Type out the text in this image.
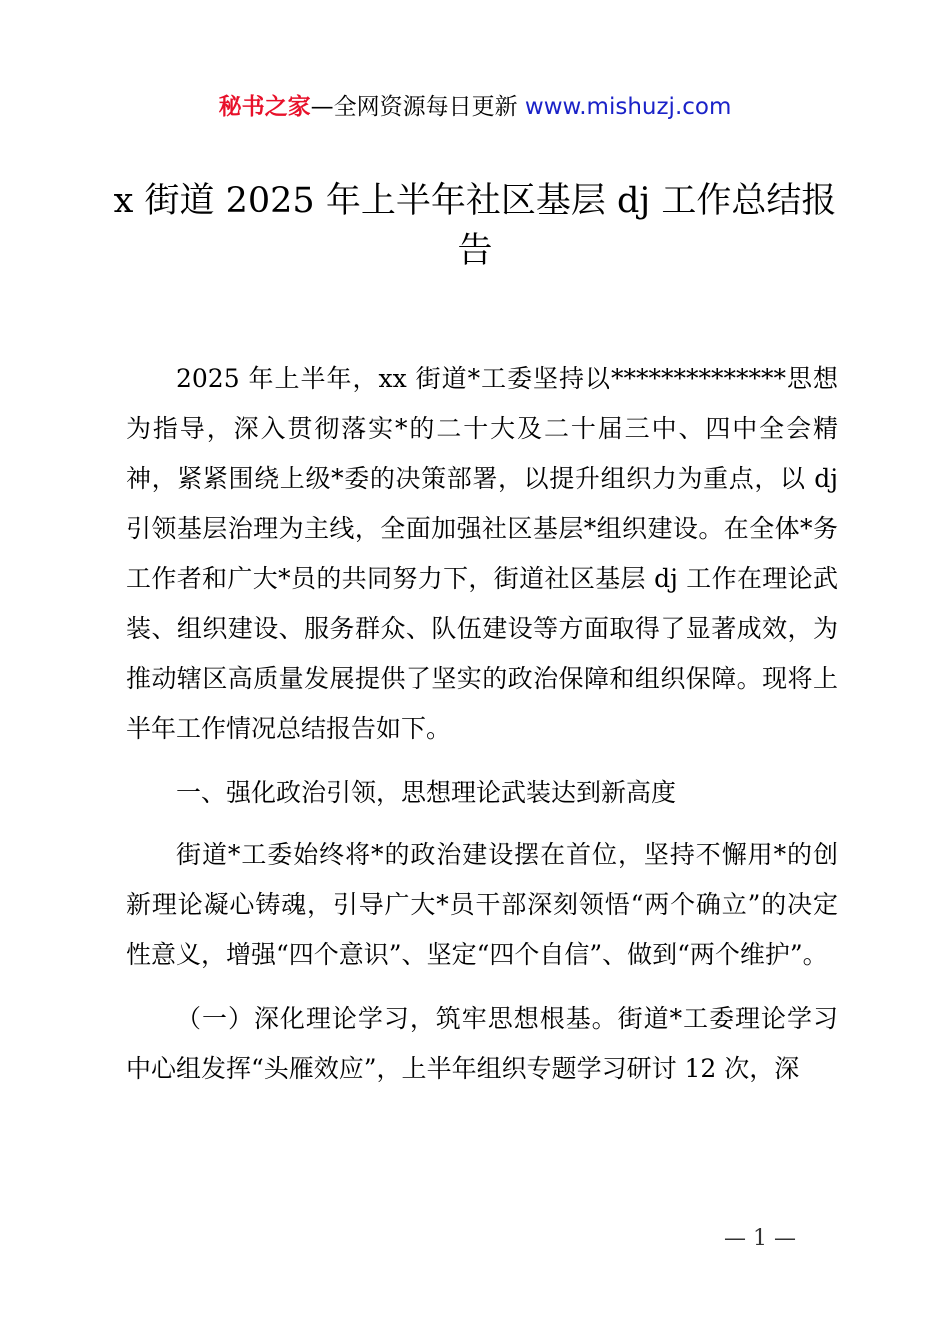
秘书之家—全网资源每日更新 www.mishuzj.com
x 街道 2025 年上半年社区基层 dj 工作总结报告

2025 年上半年，xx 街道*工委坚持以**************思想为指导，深入贯彻落实*的二十大及二十届三中、四中全会精神，紧紧围绕上级*委的决策部署，以提升组织力为重点，以 dj 引领基层治理为主线，全面加强社区基层*组织建设。在全体*务工作者和广大*员的共同努力下，街道社区基层 dj 工作在理论武装、组织建设、服务群众、队伍建设等方面取得了显著成效，为推动辖区高质量发展提供了坚实的政治保障和组织保障。现将上半年工作情况总结报告如下。

一、强化政治引领，思想理论武装达到新高度

街道*工委始终将*的政治建设摆在首位，坚持不懈用*的创新理论凝心铸魂，引导广大*员干部深刻领悟“两个确立”的决定性意义，增强“四个意识”、坚定“四个自信”、做到“两个维护”。

（一）深化理论学习，筑牢思想根基。街道*工委理论学习中心组发挥“头雁效应”，上半年组织专题学习研讨 12 次，深

— 1 —
